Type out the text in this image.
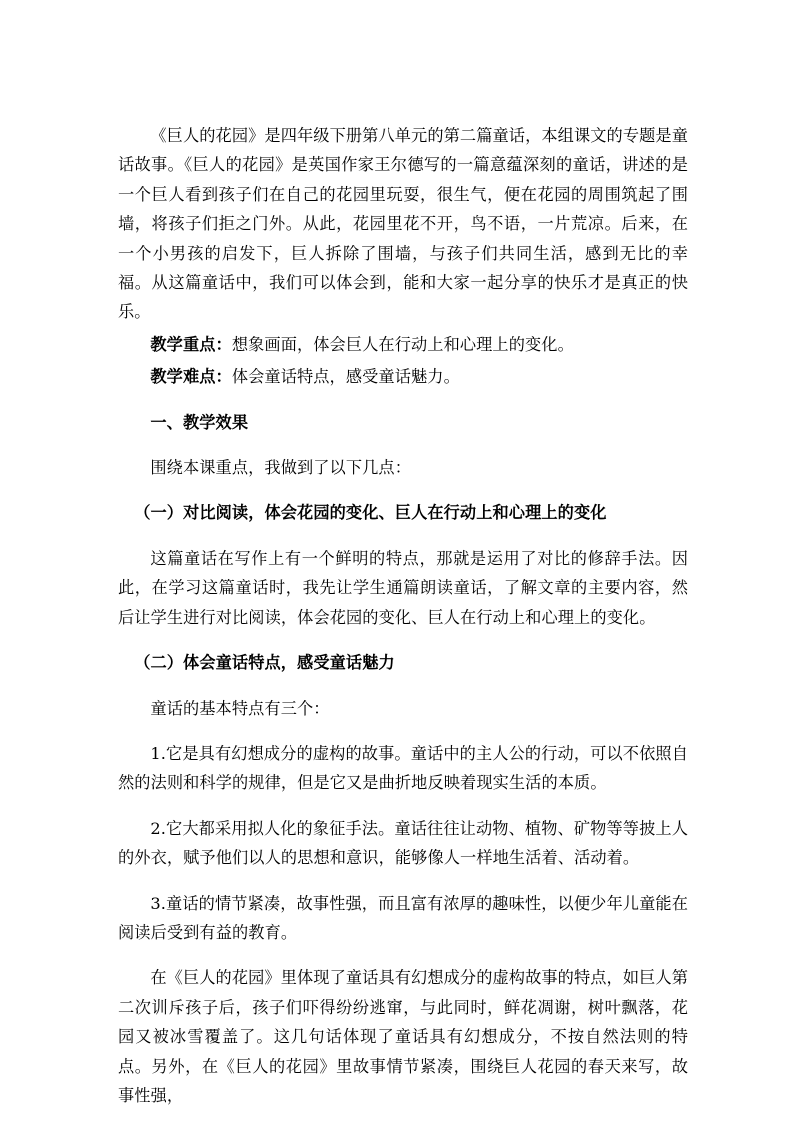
《巨人的花园》是四年级下册第八单元的第二篇童话，本组课文的专题是童话故事。《巨人的花园》是英国作家王尔德写的一篇意蕴深刻的童话，讲述的是一个巨人看到孩子们在自己的花园里玩耍，很生气，便在花园的周围筑起了围墙，将孩子们拒之门外。从此，花园里花不开，鸟不语，一片荒凉。后来，在一个小男孩的启发下，巨人拆除了围墙，与孩子们共同生活，感到无比的幸福。从这篇童话中，我们可以体会到，能和大家一起分享的快乐才是真正的快乐。

教学重点：想象画面，体会巨人在行动上和心理上的变化。

教学难点：体会童话特点，感受童话魅力。

一、教学效果

围绕本课重点，我做到了以下几点：

（一）对比阅读，体会花园的变化、巨人在行动上和心理上的变化

这篇童话在写作上有一个鲜明的特点，那就是运用了对比的修辞手法。因此，在学习这篇童话时，我先让学生通篇朗读童话，了解文章的主要内容，然后让学生进行对比阅读，体会花园的变化、巨人在行动上和心理上的变化。

（二）体会童话特点，感受童话魅力

童话的基本特点有三个：

1.它是具有幻想成分的虚构的故事。童话中的主人公的行动，可以不依照自然的法则和科学的规律，但是它又是曲折地反映着现实生活的本质。

2.它大都采用拟人化的象征手法。童话往往让动物、植物、矿物等等披上人的外衣，赋予他们以人的思想和意识，能够像人一样地生活着、活动着。

3.童话的情节紧凑，故事性强，而且富有浓厚的趣味性，以便少年儿童能在阅读后受到有益的教育。

在《巨人的花园》里体现了童话具有幻想成分的虚构故事的特点，如巨人第二次训斥孩子后，孩子们吓得纷纷逃窜，与此同时，鲜花凋谢，树叶飘落，花园又被冰雪覆盖了。这几句话体现了童话具有幻想成分，不按自然法则的特点。另外，在《巨人的花园》里故事情节紧凑，围绕巨人花园的春天来写，故事性强，
